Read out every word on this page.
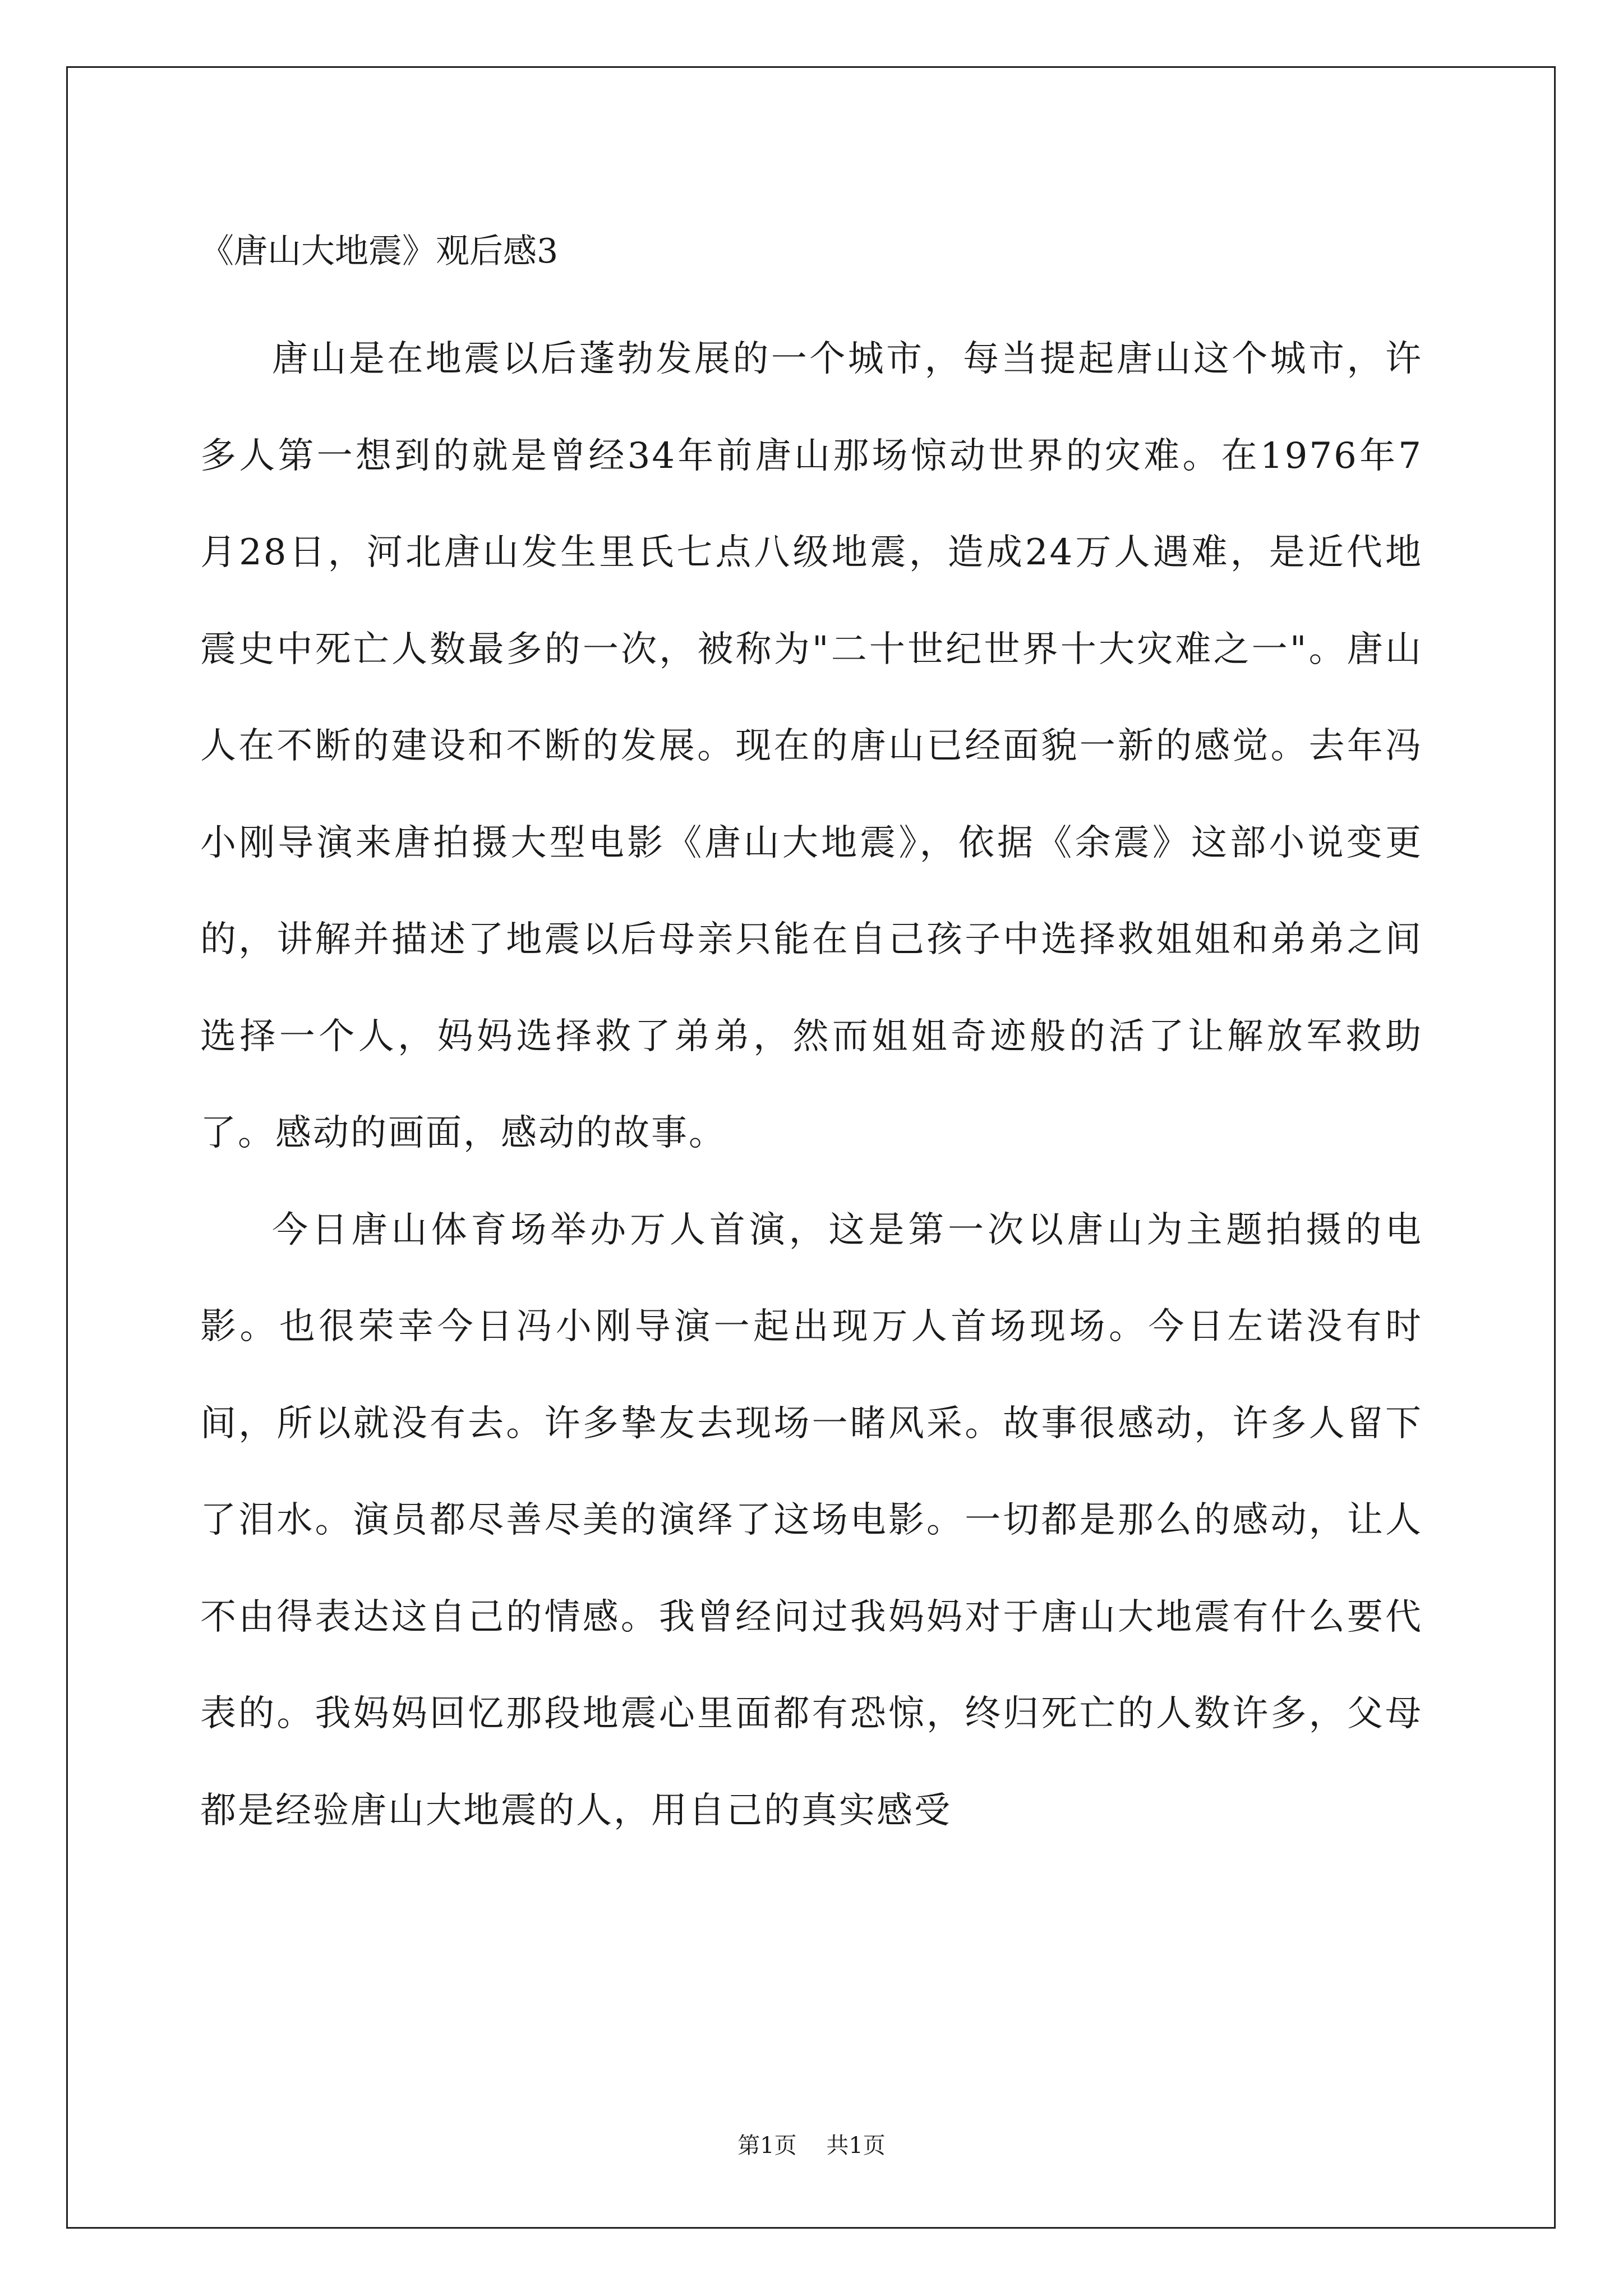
《唐山大地震》观后感3

唐山是在地震以后蓬勃发展的一个城市，每当提起唐山这个城市，许多人第一想到的就是曾经34年前唐山那场惊动世界的灾难。在1976年7月28日，河北唐山发生里氏七点八级地震，造成24万人遇难，是近代地震史中死亡人数最多的一次，被称为"二十世纪世界十大灾难之一"。唐山人在不断的建设和不断的发展。现在的唐山已经面貌一新的感觉。去年冯小刚导演来唐拍摄大型电影《唐山大地震》，依据《余震》这部小说变更的，讲解并描述了地震以后母亲只能在自己孩子中选择救姐姐和弟弟之间选择一个人，妈妈选择救了弟弟，然而姐姐奇迹般的活了让解放军救助了。感动的画面，感动的故事。

今日唐山体育场举办万人首演，这是第一次以唐山为主题拍摄的电影。也很荣幸今日冯小刚导演一起出现万人首场现场。今日左诺没有时间，所以就没有去。许多挚友去现场一睹风采。故事很感动，许多人留下了泪水。演员都尽善尽美的演绎了这场电影。一切都是那么的感动，让人不由得表达这自己的情感。我曾经问过我妈妈对于唐山大地震有什么要代表的。我妈妈回忆那段地震心里面都有恐惊，终归死亡的人数许多，父母都是经验唐山大地震的人，用自己的真实感受

第1页 共1页
